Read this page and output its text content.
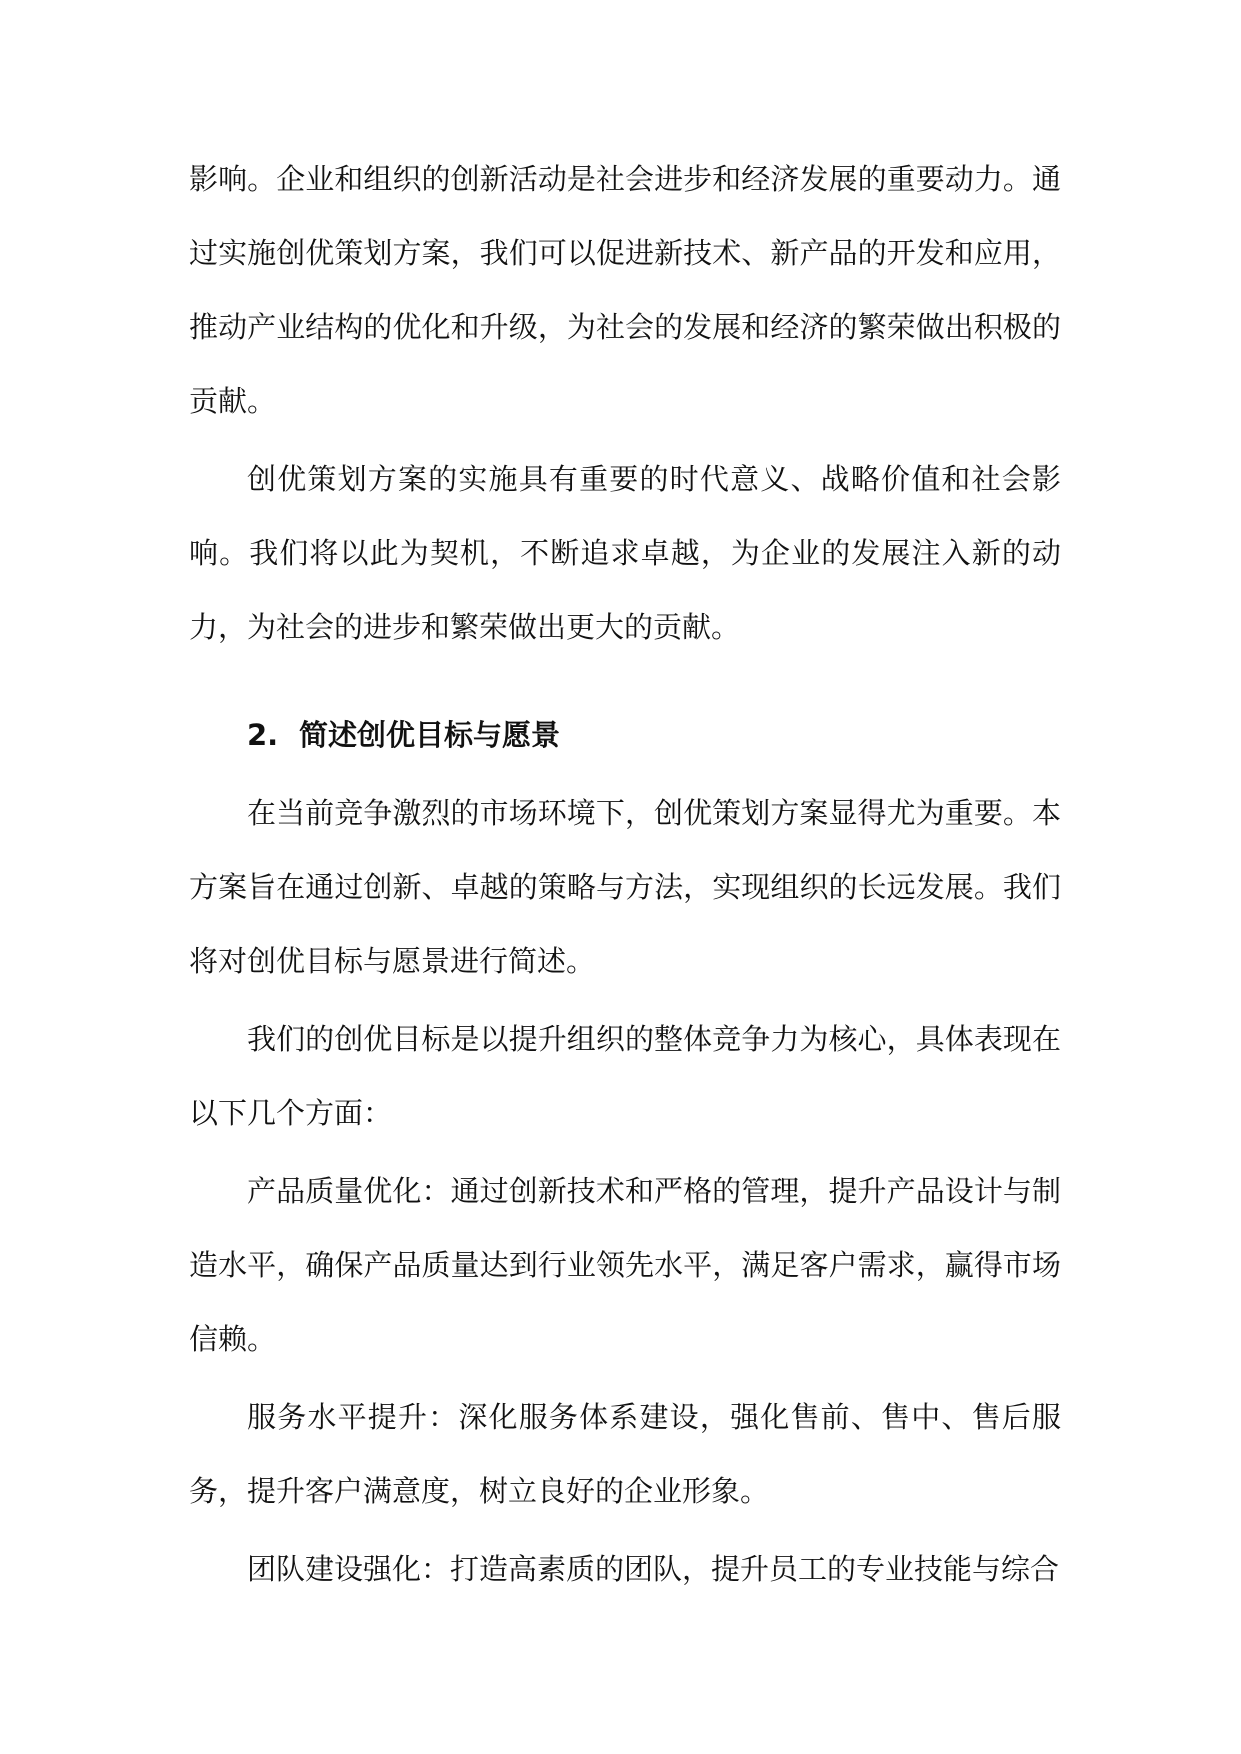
影响。企业和组织的创新活动是社会进步和经济发展的重要动力。通过实施创优策划方案，我们可以促进新技术、新产品的开发和应用，推动产业结构的优化和升级，为社会的发展和经济的繁荣做出积极的贡献。

创优策划方案的实施具有重要的时代意义、战略价值和社会影响。我们将以此为契机，不断追求卓越，为企业的发展注入新的动力，为社会的进步和繁荣做出更大的贡献。

2. 简述创优目标与愿景

在当前竞争激烈的市场环境下，创优策划方案显得尤为重要。本方案旨在通过创新、卓越的策略与方法，实现组织的长远发展。我们将对创优目标与愿景进行简述。

我们的创优目标是以提升组织的整体竞争力为核心，具体表现在以下几个方面：

产品质量优化：通过创新技术和严格的管理，提升产品设计与制造水平，确保产品质量达到行业领先水平，满足客户需求，赢得市场信赖。

服务水平提升：深化服务体系建设，强化售前、售中、售后服务，提升客户满意度，树立良好的企业形象。

团队建设强化：打造高素质的团队，提升员工的专业技能与综合
